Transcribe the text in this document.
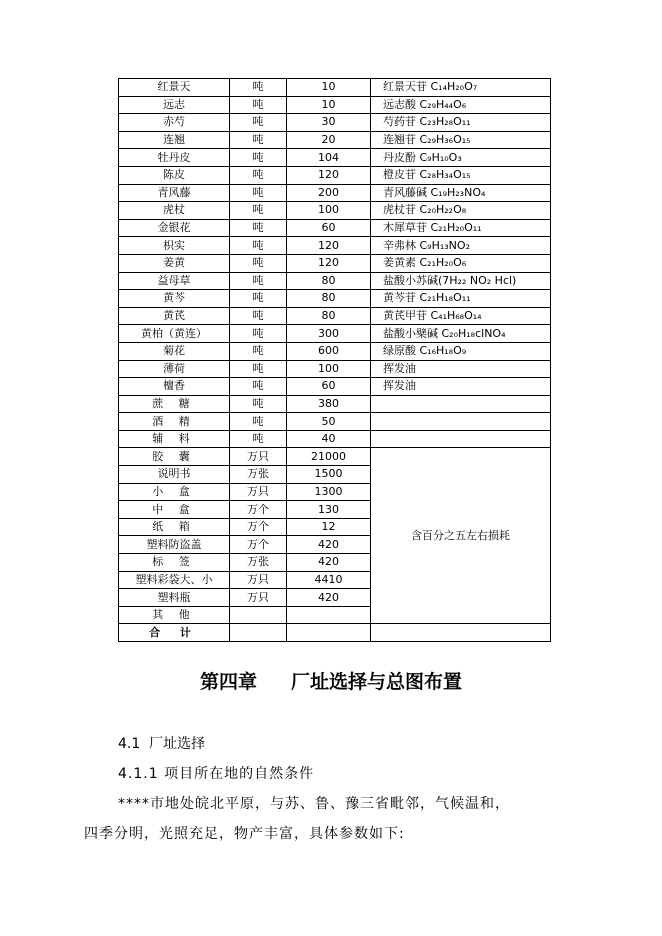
红景天	吨	10	红景天苷 C₁₄H₂₀O₇
远志	吨	10	远志酸 C₂₉H₄₄O₆
赤芍	吨	30	芍药苷 C₂₃H₂₈O₁₁
连翘	吨	20	连翘苷 C₂₉H₃₆O₁₅
牡丹皮	吨	104	丹皮酚 C₉H₁₀O₃
陈皮	吨	120	橙皮苷 C₂₈H₃₄O₁₅
青风藤	吨	200	青风藤碱 C₁₉H₂₃NO₄
虎杖	吨	100	虎杖苷 C₂₀H₂₂O₈
金银花	吨	60	木犀草苷 C₂₁H₂₀O₁₁
枳实	吨	120	辛弗林 C₉H₁₃NO₂
姜黄	吨	120	姜黄素 C₂₁H₂₀O₆
益母草	吨	80	盐酸小苏碱(7H₂₂ NO₂ Hcl)
黄芩	吨	80	黄芩苷 C₂₁H₁₈O₁₁
黄芪	吨	80	黄芪甲苷 C₄₁H₆₈O₁₄
黄柏（黄连）	吨	300	盐酸小檗碱 C₂₀H₁₈clNO₄
菊花	吨	600	绿原酸 C₁₆H₁₈O₉
薄荷	吨	100	挥发油
檀香	吨	60	挥发油
蔗 糖	吨	380	
酒 精	吨	50	
辅 料	吨	40	
胶 囊	万只	21000	含百分之五左右损耗
说明书	万张	1500	
小 盒	万只	1300	
中 盒	万个	130	
纸 箱	万个	12	
塑料防盗盖	万个	420	
标 签	万张	420	
塑料彩袋大、小	万只	4410	
塑料瓶	万只	420	
其 他			
合 计			
第四章 厂址选择与总图布置
4.1 厂址选择
4.1.1 项目所在地的自然条件
****市地处皖北平原，与苏、鲁、豫三省毗邻，气候温和，
四季分明，光照充足，物产丰富，具体参数如下:
